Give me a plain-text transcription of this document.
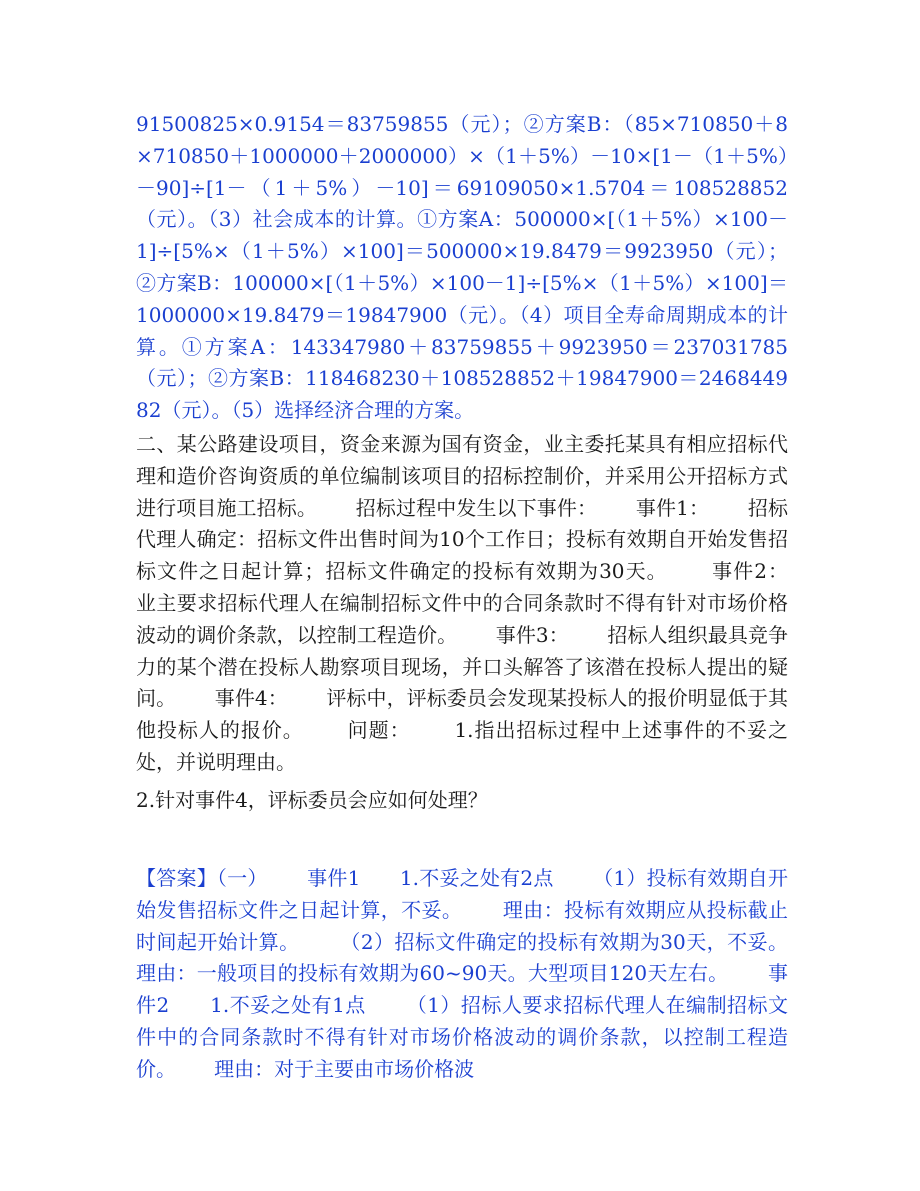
91500825×0.9154＝83759855（元）；②方案B：（85×710850＋8×710850＋1000000＋2000000）×（1＋5%）－10×[1－（1＋5%）－90]÷[1－（1＋5%）－10]＝69109050×1.5704＝108528852（元）。（3）社会成本的计算。①方案A：500000×[（1＋5%）×100－1]÷[5%×（1＋5%）×100]＝500000×19.8479＝9923950（元）；②方案B：100000×[（1＋5%）×100－1]÷[5%×（1＋5%）×100]＝1000000×19.8479＝19847900（元）。（4）项目全寿命周期成本的计算。①方案A：143347980＋83759855＋9923950＝237031785（元）；②方案B：118468230＋108528852＋19847900＝246844982（元）。（5）选择经济合理的方案。

二、某公路建设项目，资金来源为国有资金，业主委托某具有相应招标代理和造价咨询资质的单位编制该项目的招标控制价，并采用公开招标方式进行项目施工招标。      招标过程中发生以下事件：      事件1：      招标代理人确定：招标文件出售时间为10个工作日；投标有效期自开始发售招标文件之日起计算；招标文件确定的投标有效期为30天。      事件2：      业主要求招标代理人在编制招标文件中的合同条款时不得有针对市场价格波动的调价条款，以控制工程造价。      事件3：      招标人组织最具竞争力的某个潜在投标人勘察项目现场，并口头解答了该潜在投标人提出的疑问。      事件4：      评标中，评标委员会发现某投标人的报价明显低于其他投标人的报价。      问题：      1.指出招标过程中上述事件的不妥之处，并说明理由。

2.针对事件4，评标委员会应如何处理？

【答案】（一）      事件1      1.不妥之处有2点      （1）投标有效期自开始发售招标文件之日起计算，不妥。      理由：投标有效期应从投标截止时间起开始计算。      （2）招标文件确定的投标有效期为30天，不妥。      理由：一般项目的投标有效期为60~90天。大型项目120天左右。      事件2      1.不妥之处有1点      （1）招标人要求招标代理人在编制招标文件中的合同条款时不得有针对市场价格波动的调价条款，以控制工程造价。      理由：对于主要由市场价格波
